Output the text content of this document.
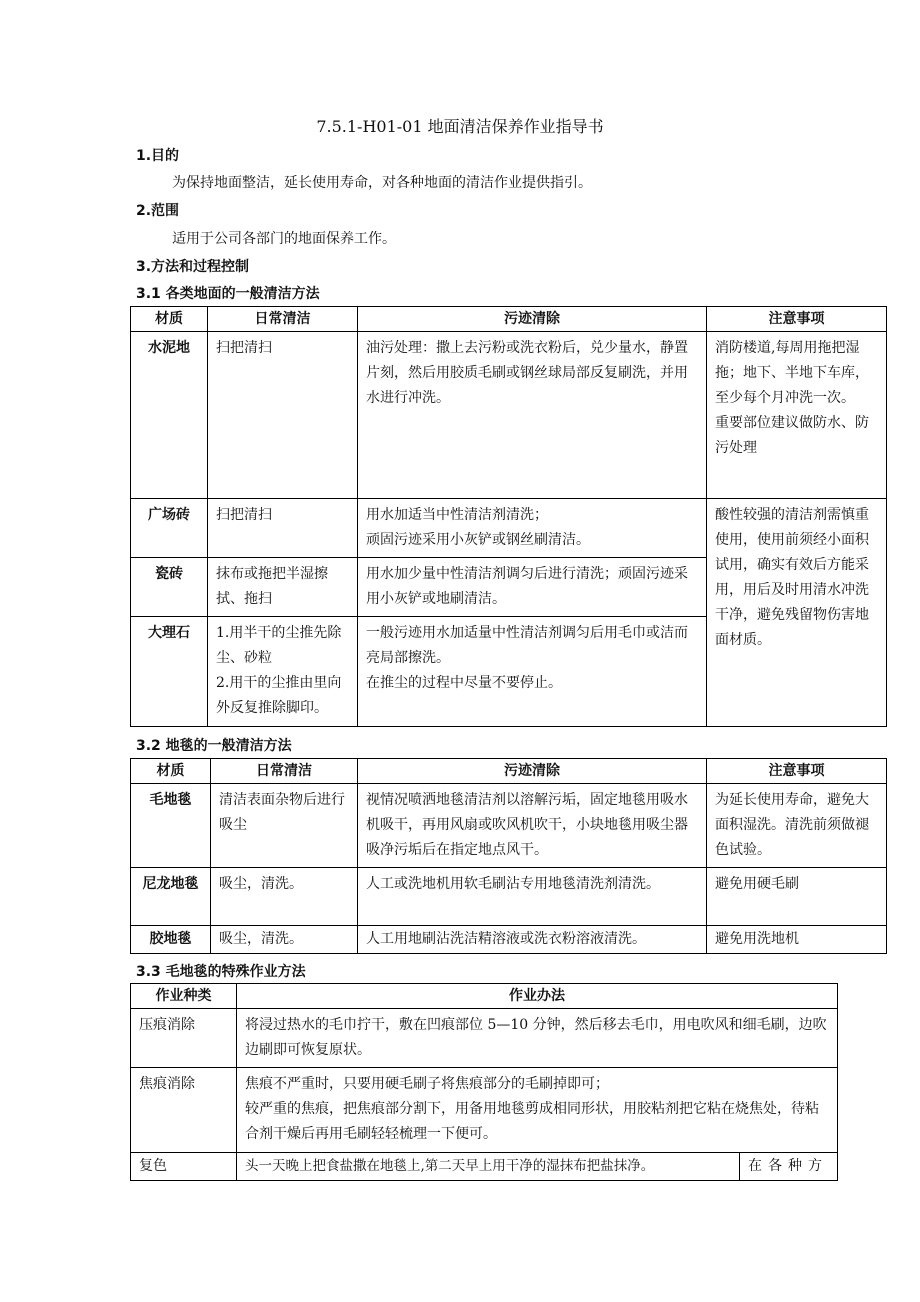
7.5.1-H01-01 地面清洁保养作业指导书
1.目的
为保持地面整洁，延长使用寿命，对各种地面的清洁作业提供指引。
2.范围
适用于公司各部门的地面保养工作。
3.方法和过程控制
3.1 各类地面的一般清洁方法
材质	日常清洁	污迹清除	注意事项
水泥地	扫把清扫	油污处理：撒上去污粉或洗衣粉后，兑少量水，静置片刻，然后用胶质毛刷或钢丝球局部反复刷洗，并用水进行冲洗。	消防楼道,每周用拖把湿拖；地下、半地下车库，至少每个月冲洗一次。
重要部位建议做防水、防污处理

广场砖	扫把清扫	用水加适当中性清洁剂清洗；
顽固污迹采用小灰铲或钢丝刷清洁。	酸性较强的清洁剂需慎重使用，使用前须经小面积试用，确实有效后方能采用，用后及时用清水冲洗干净，避免残留物伤害地面材质。
瓷砖	抹布或拖把半湿擦拭、拖扫	用水加少量中性清洁剂调匀后进行清洗；顽固污迹采用小灰铲或地刷清洁。	
大理石	1.用半干的尘推先除尘、砂粒
2.用干的尘推由里向外反复推除脚印。	一般污迹用水加适量中性清洁剂调匀后用毛巾或洁而亮局部擦洗。
在推尘的过程中尽量不要停止。	
3.2 地毯的一般清洁方法
材质	日常清洁	污迹清除	注意事项
毛地毯	清洁表面杂物后进行吸尘	视情况喷洒地毯清洁剂以溶解污垢，固定地毯用吸水机吸干，再用风扇或吹风机吹干，小块地毯用吸尘器吸净污垢后在指定地点风干。	为延长使用寿命，避免大面积湿洗。清洗前须做褪色试验。
尼龙地毯	吸尘，清洗。	人工或洗地机用软毛刷沾专用地毯清洗剂清洗。	避免用硬毛刷
胶地毯	吸尘，清洗。	人工用地刷沾洗洁精溶液或洗衣粉溶液清洗。	避免用洗地机
3.3 毛地毯的特殊作业方法
作业种类	作业办法	
压痕消除	将浸过热水的毛巾拧干，敷在凹痕部位 5—10 分钟，然后移去毛巾，用电吹风和细毛刷，边吹边刷即可恢复原状。	
焦痕消除	焦痕不严重时，只要用硬毛刷子将焦痕部分的毛刷掉即可；
较严重的焦痕，把焦痕部分割下，用备用地毯剪成相同形状，用胶粘剂把它粘在烧焦处，待粘合剂干燥后再用毛刷轻轻梳理一下便可。	

复色	头一天晚上把食盐撒在地毯上,第二天早上用干净的湿抹布把盐抹净。	在各种方
